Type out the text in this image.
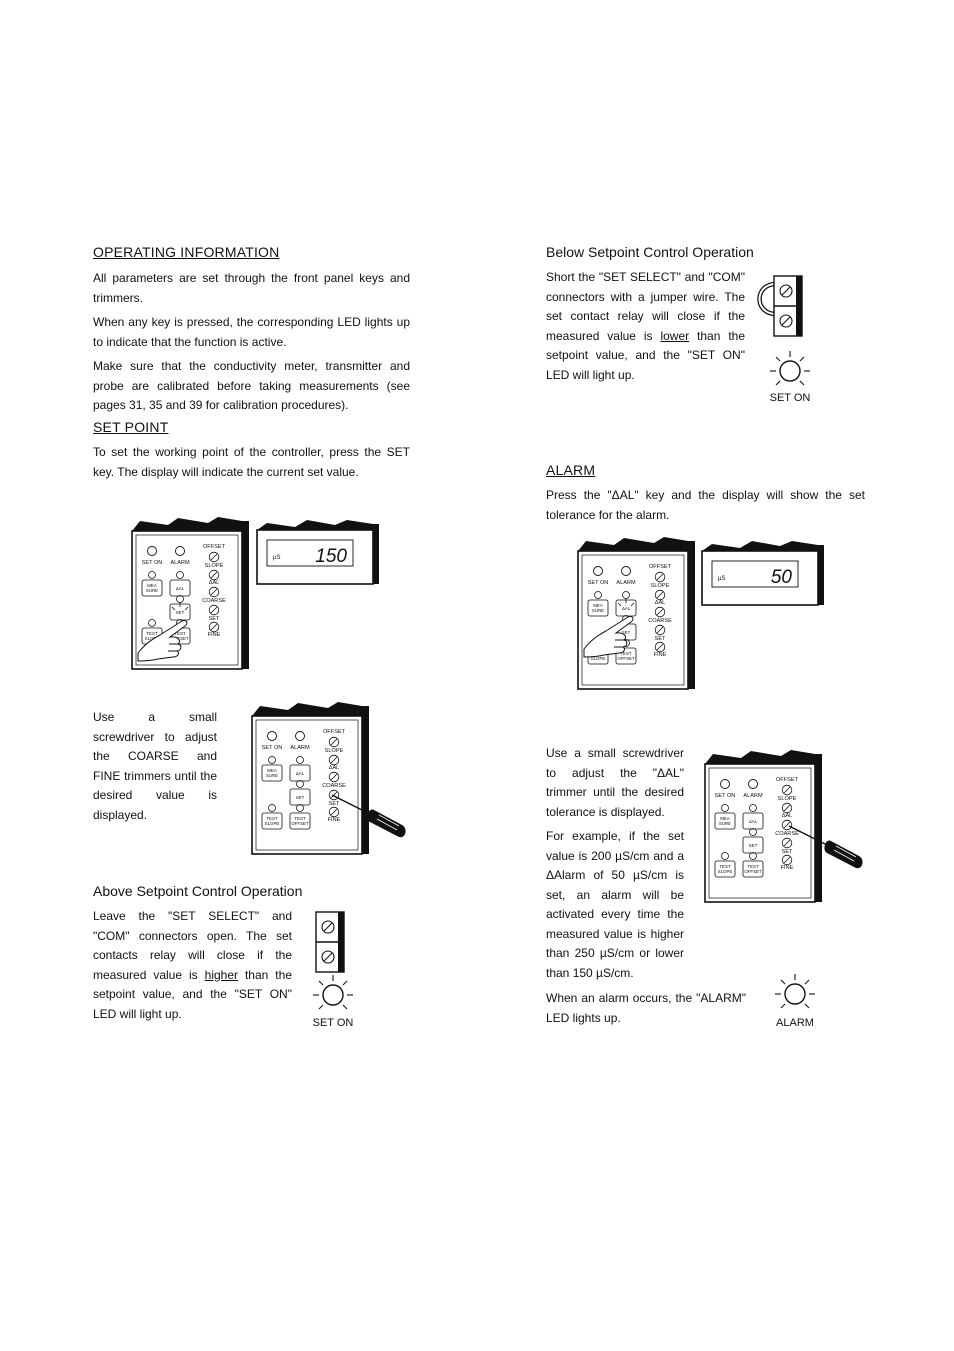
OPERATING INFORMATION

All parameters are set through the front panel keys and trimmers.

When any key is pressed, the corresponding LED lights up to indicate that the function is active.

Make sure that the conductivity meter, transmitter and probe are calibrated before taking measurements (see pages 31, 35 and 39 for calibration procedures).

SET POINT

To set the working point of the controller, press the SET key. The display will indicate the current set value.

µS 150

Use a small screwdriver to adjust the COARSE and FINE trimmers until the desired value is displayed.

Above Setpoint Control Operation

Leave the "SET SELECT" and "COM" connectors open. The set contacts relay will close if the measured value is higher than the setpoint value, and the "SET ON" LED will light up.

SET ON
Below Setpoint Control Operation

Short the "SET SELECT" and "COM" connectors with a jumper wire. The set contact relay will close if the measured value is lower than the setpoint value, and the "SET ON" LED will light up.

SET ON
ALARM

Press the "ΔAL" key and the display will show the set tolerance for the alarm.

µS 50

Use a small screwdriver to adjust the "ΔAL" trimmer until the desired tolerance is displayed.

For example, if the set value is 200 µS/cm and a ΔAlarm of 50 µS/cm is set, an alarm will be activated every time the measured value is higher than 250 µS/cm or lower than 150 µS/cm.

When an alarm occurs, the "ALARM" LED lights up.	ALARM
